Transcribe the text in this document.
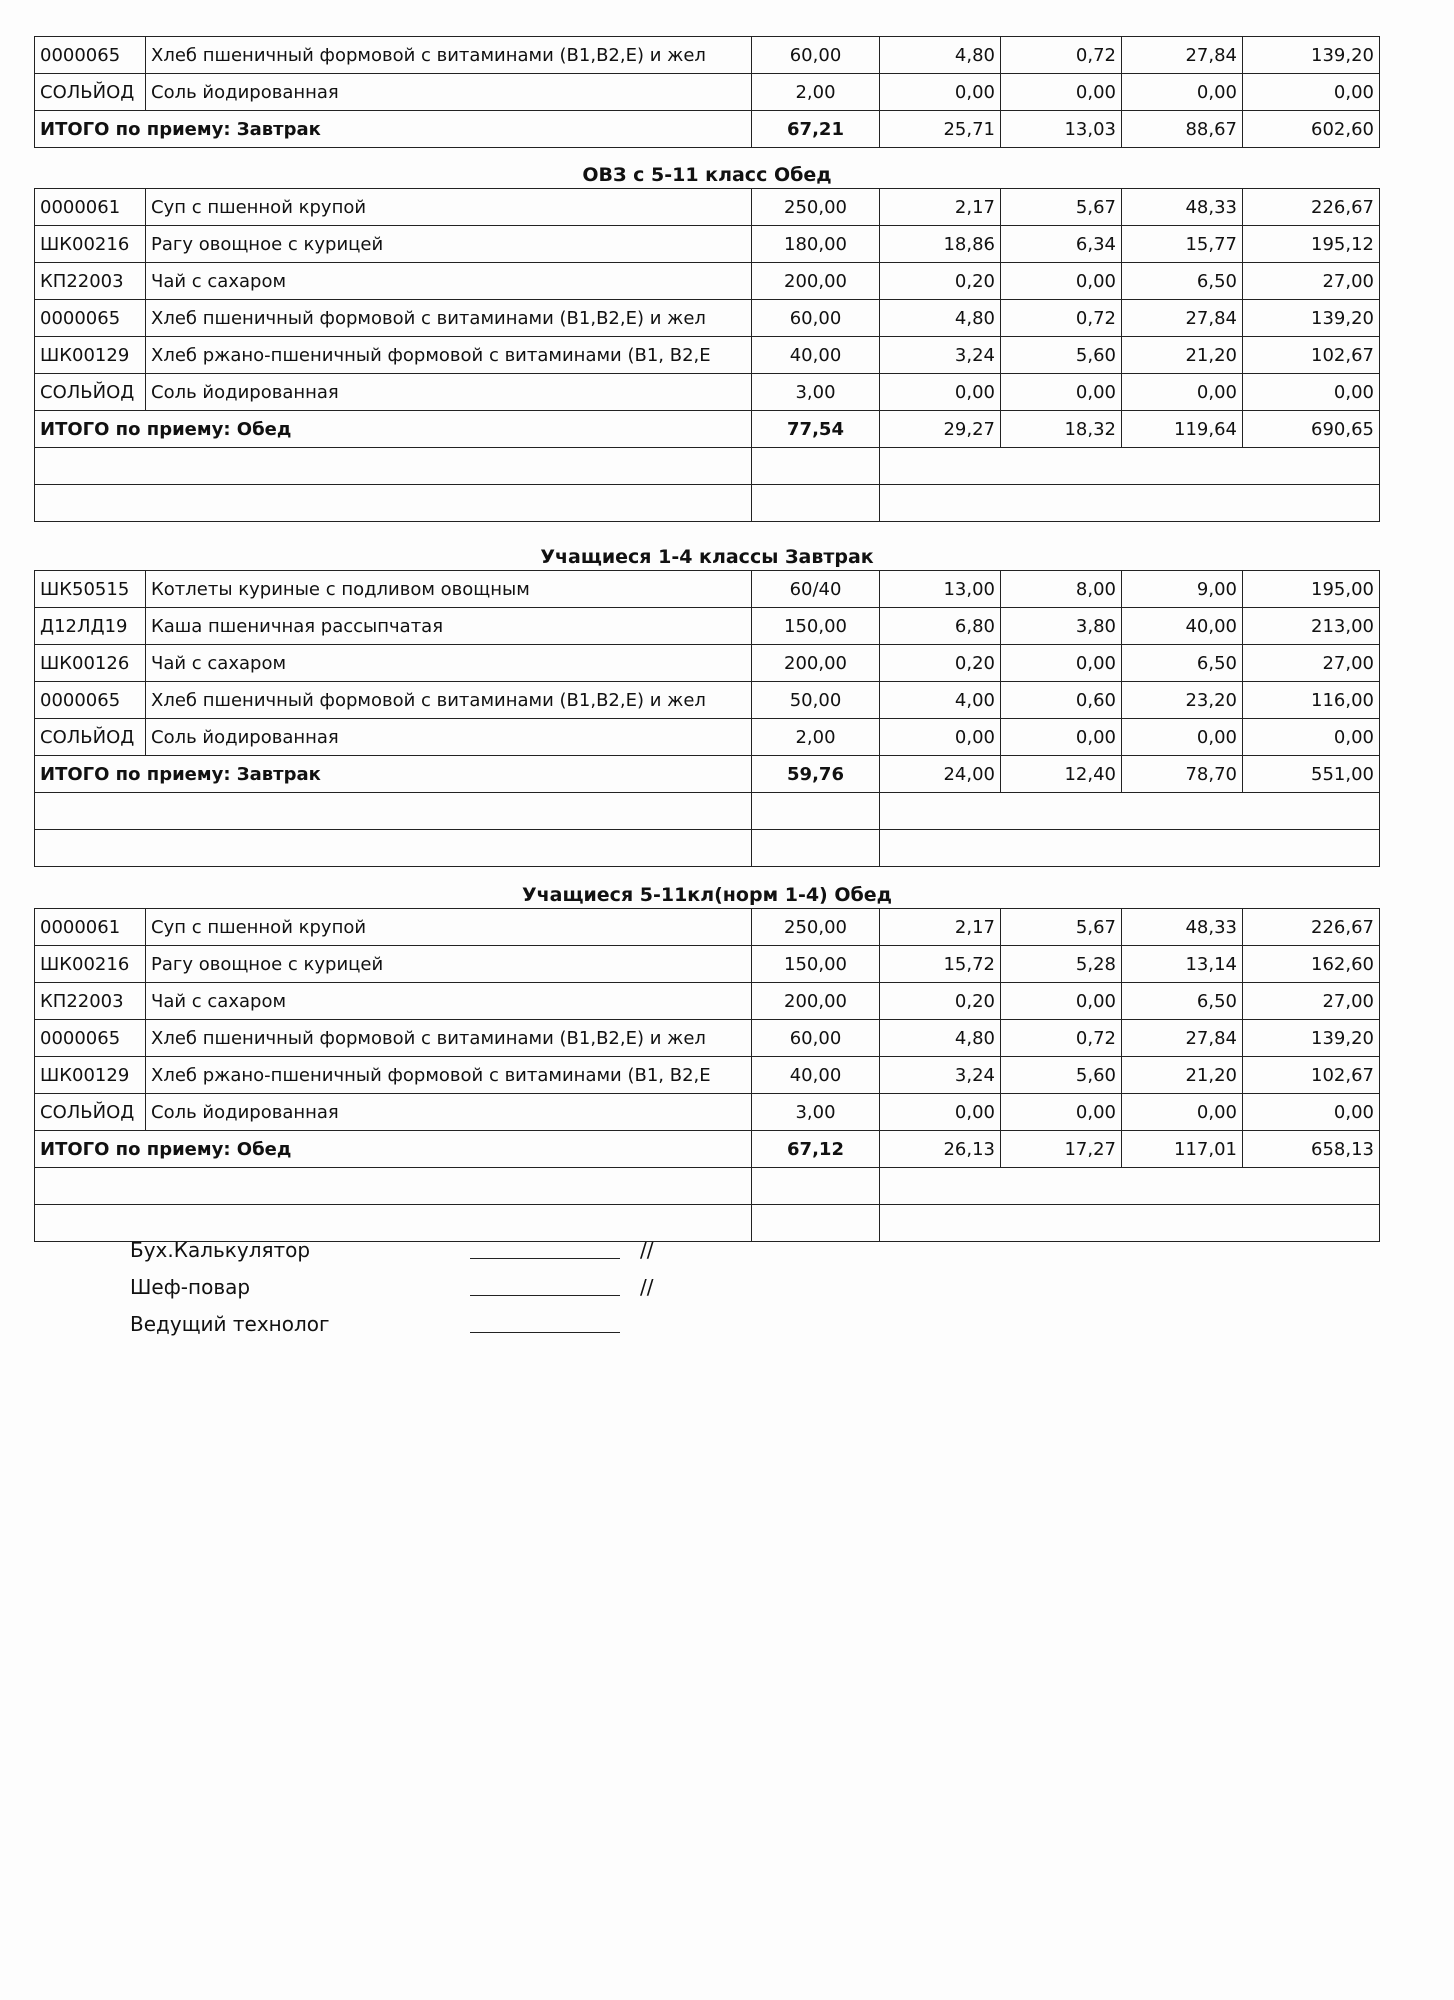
0000065	Хлеб пшеничный формовой с витаминами (В1,В2,Е) и жел	60,00	4,80	0,72	27,84	139,20
СОЛЬЙОД	Соль йодированная	2,00	0,00	0,00	0,00	0,00
ИТОГО по приему: Завтрак		67,21	25,71	13,03	88,67	602,60
ОВЗ с 5-11 класс Обед
0000061	Суп с пшенной крупой	250,00	2,17	5,67	48,33	226,67
ШК00216	Рагу овощное с курицей	180,00	18,86	6,34	15,77	195,12
КП22003	Чай с сахаром	200,00	0,20	0,00	6,50	27,00
0000065	Хлеб пшеничный формовой с витаминами (В1,В2,Е) и жел	60,00	4,80	0,72	27,84	139,20
ШК00129	Хлеб ржано-пшеничный формовой с витаминами (В1, В2,Е	40,00	3,24	5,60	21,20	102,67
СОЛЬЙОД	Соль йодированная	3,00	0,00	0,00	0,00	0,00
ИТОГО по приему: Обед		77,54	29,27	18,32	119,64	690,65

Учащиеся 1-4 классы Завтрак
ШК50515	Котлеты куриные с подливом овощным	60/40	13,00	8,00	9,00	195,00
Д12ЛД19	Каша пшеничная рассыпчатая	150,00	6,80	3,80	40,00	213,00
ШК00126	Чай с сахаром	200,00	0,20	0,00	6,50	27,00
0000065	Хлеб пшеничный формовой с витаминами (В1,В2,Е) и жел	50,00	4,00	0,60	23,20	116,00
СОЛЬЙОД	Соль йодированная	2,00	0,00	0,00	0,00	0,00
ИТОГО по приему: Завтрак		59,76	24,00	12,40	78,70	551,00

Учащиеся 5-11кл(норм 1-4) Обед
0000061	Суп с пшенной крупой	250,00	2,17	5,67	48,33	226,67
ШК00216	Рагу овощное с курицей	150,00	15,72	5,28	13,14	162,60
КП22003	Чай с сахаром	200,00	0,20	0,00	6,50	27,00
0000065	Хлеб пшеничный формовой с витаминами (В1,В2,Е) и жел	60,00	4,80	0,72	27,84	139,20
ШК00129	Хлеб ржано-пшеничный формовой с витаминами (В1, В2,Е	40,00	3,24	5,60	21,20	102,67
СОЛЬЙОД	Соль йодированная	3,00	0,00	0,00	0,00	0,00
ИТОГО по приему: Обед		67,12	26,13	17,27	117,01	658,13

Бух.Калькулятор	//
Шеф-повар	//
Ведущий технолог
